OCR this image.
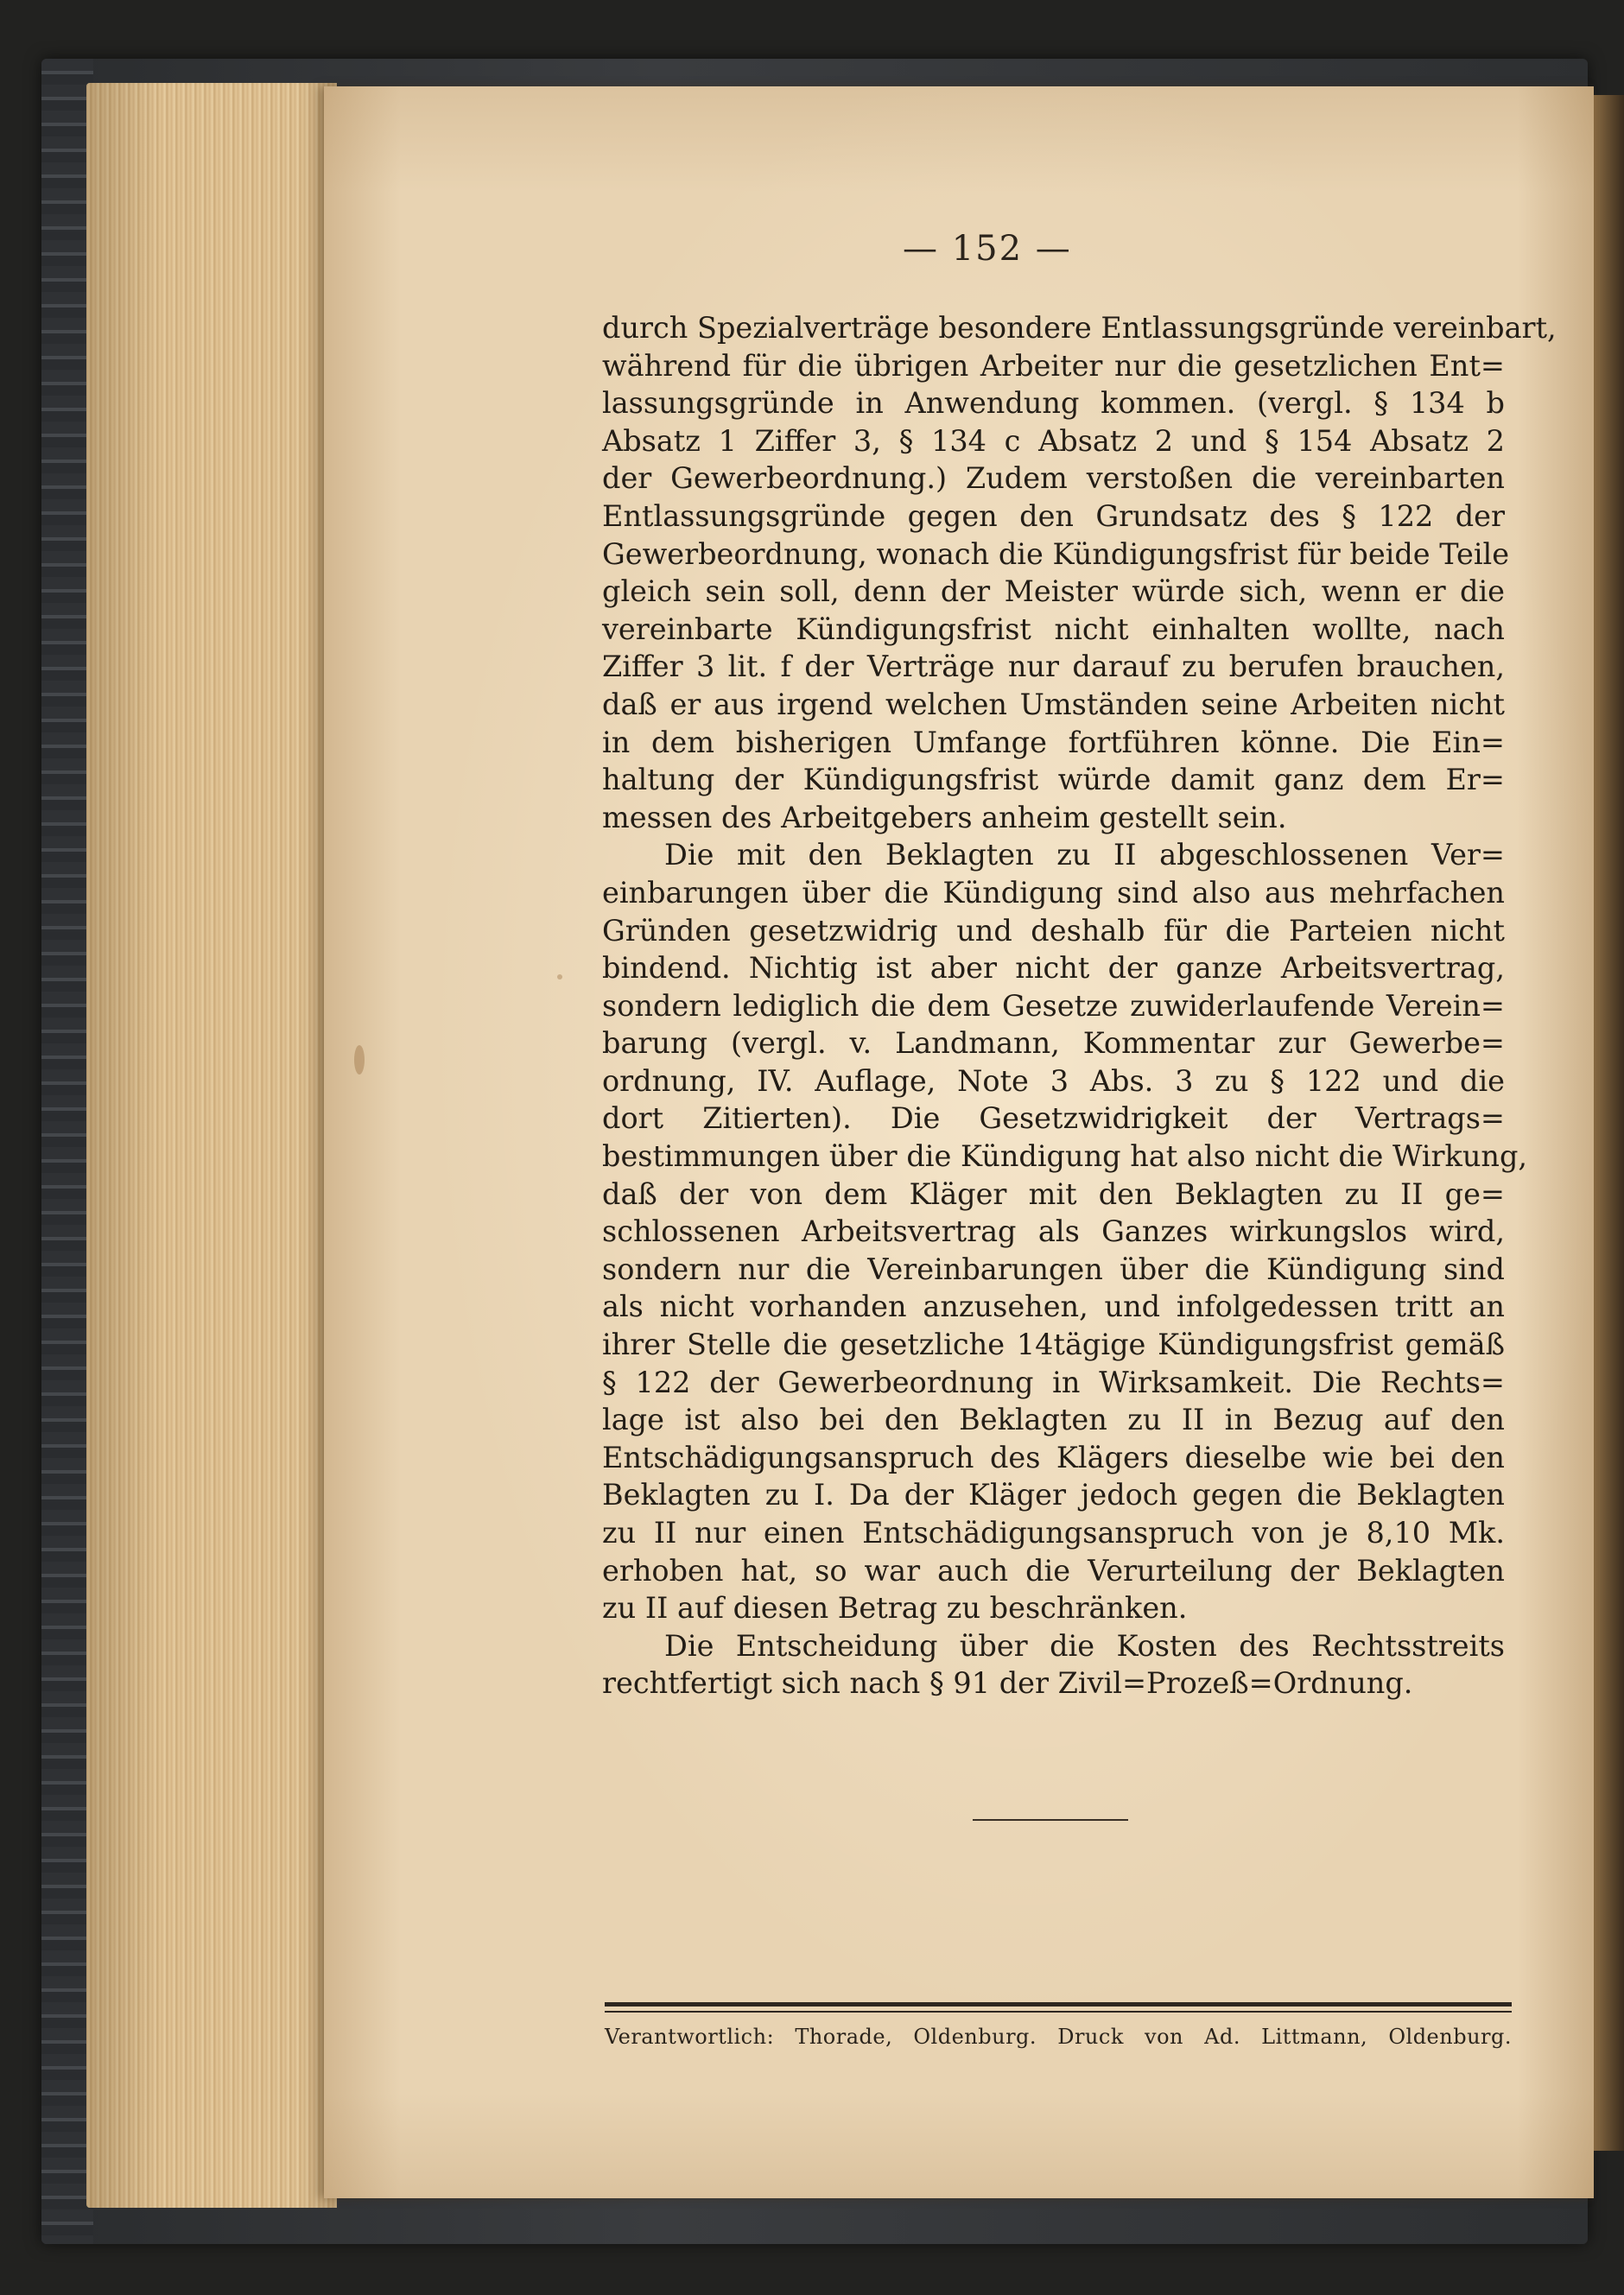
— 152 —
durch Spezialverträge besondere Entlassungsgründe vereinbart,
während für die übrigen Arbeiter nur die gesetzlichen Ent=
lassungsgründe in Anwendung kommen. (vergl. § 134 b
Absatz 1 Ziffer 3, § 134 c Absatz 2 und § 154 Absatz 2
der Gewerbeordnung.) Zudem verstoßen die vereinbarten
Entlassungsgründe gegen den Grundsatz des § 122 der
Gewerbeordnung, wonach die Kündigungsfrist für beide Teile
gleich sein soll, denn der Meister würde sich, wenn er die
vereinbarte Kündigungsfrist nicht einhalten wollte, nach
Ziffer 3 lit. f der Verträge nur darauf zu berufen brauchen,
daß er aus irgend welchen Umständen seine Arbeiten nicht
in dem bisherigen Umfange fortführen könne. Die Ein=
haltung der Kündigungsfrist würde damit ganz dem Er=
messen des Arbeitgebers anheim gestellt sein.
Die mit den Beklagten zu II abgeschlossenen Ver=
einbarungen über die Kündigung sind also aus mehrfachen
Gründen gesetzwidrig und deshalb für die Parteien nicht
bindend. Nichtig ist aber nicht der ganze Arbeitsvertrag,
sondern lediglich die dem Gesetze zuwiderlaufende Verein=
barung (vergl. v. Landmann, Kommentar zur Gewerbe=
ordnung, IV. Auflage, Note 3 Abs. 3 zu § 122 und die
dort Zitierten). Die Gesetzwidrigkeit der Vertrags=
bestimmungen über die Kündigung hat also nicht die Wirkung,
daß der von dem Kläger mit den Beklagten zu II ge=
schlossenen Arbeitsvertrag als Ganzes wirkungslos wird,
sondern nur die Vereinbarungen über die Kündigung sind
als nicht vorhanden anzusehen, und infolgedessen tritt an
ihrer Stelle die gesetzliche 14tägige Kündigungsfrist gemäß
§ 122 der Gewerbeordnung in Wirksamkeit. Die Rechts=
lage ist also bei den Beklagten zu II in Bezug auf den
Entschädigungsanspruch des Klägers dieselbe wie bei den
Beklagten zu I. Da der Kläger jedoch gegen die Beklagten
zu II nur einen Entschädigungsanspruch von je 8,10 Mk.
erhoben hat, so war auch die Verurteilung der Beklagten
zu II auf diesen Betrag zu beschränken.
Die Entscheidung über die Kosten des Rechtsstreits
rechtfertigt sich nach § 91 der Zivil=Prozeß=Ordnung.
Verantwortlich: Thorade, Oldenburg. Druck von Ad. Littmann, Oldenburg.
